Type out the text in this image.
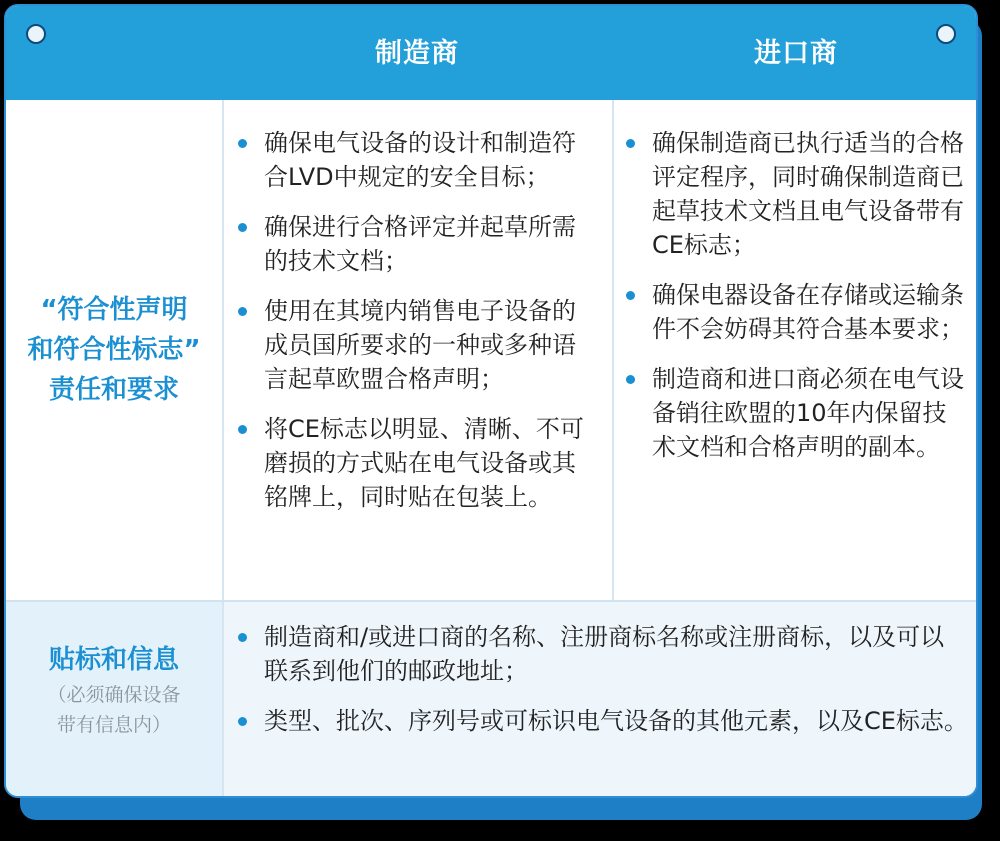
制造商	进口商
“符合性声明
和符合性标志”
责任和要求
确保电气设备的设计和制造符合LVD中规定的安全目标；
确保进行合格评定并起草所需的技术文档；
使用在其境内销售电子设备的成员国所要求的一种或多种语言起草欧盟合格声明；
将CE标志以明显、清晰、不可磨损的方式贴在电气设备或其铭牌上，同时贴在包装上。
确保制造商已执行适当的合格评定程序，同时确保制造商已起草技术文档且电气设备带有CE标志；
确保电器设备在存储或运输条件不会妨碍其符合基本要求；
制造商和进口商必须在电气设备销往欧盟的10年内保留技术文档和合格声明的副本。
贴标和信息
（必须确保设备
带有信息内）
制造商和/或进口商的名称、注册商标名称或注册商标，以及可以联系到他们的邮政地址；
类型、批次、序列号或可标识电气设备的其他元素，以及CE标志。
